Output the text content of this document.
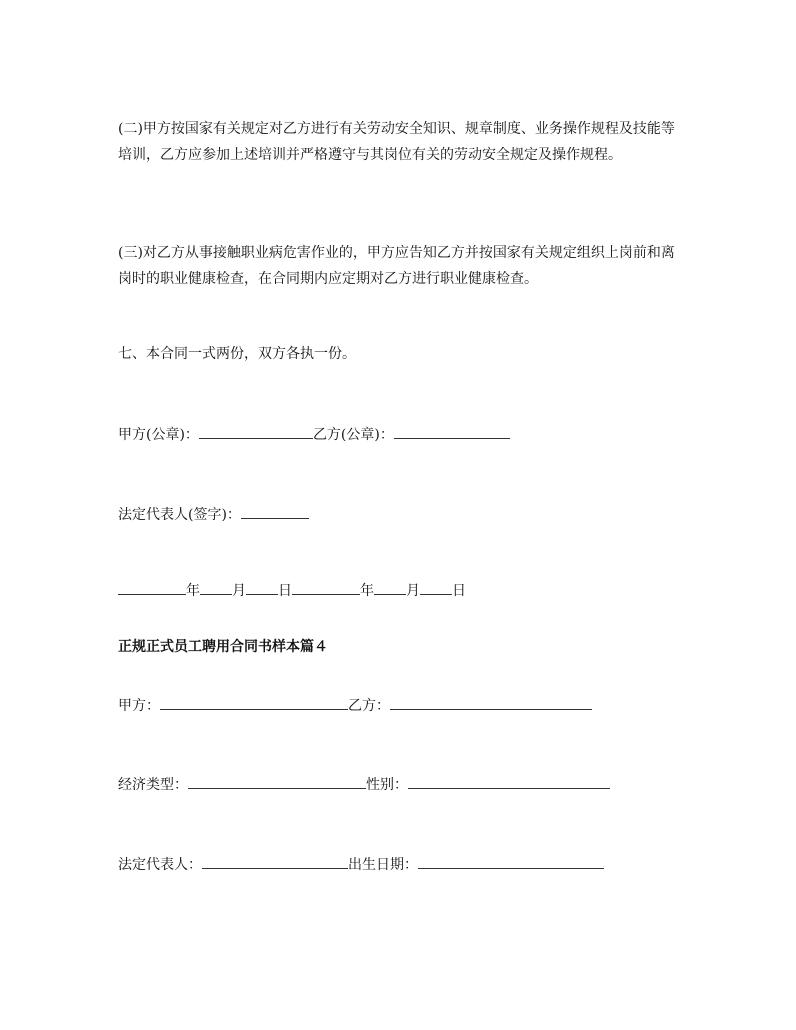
(二)甲方按国家有关规定对乙方进行有关劳动安全知识、规章制度、业务操作规程及技能等培训，乙方应参加上述培训并严格遵守与其岗位有关的劳动安全规定及操作规程。

(三)对乙方从事接触职业病危害作业的，甲方应告知乙方并按国家有关规定组织上岗前和离岗时的职业健康检查，在合同期内应定期对乙方进行职业健康检查。

七、本合同一式两份，双方各执一份。

甲方(公章)：	乙方(公章)：

法定代表人(签字)：

年 月 日	年 月 日

正规正式员工聘用合同书样本篇４

甲方：	乙方：

经济类型：	性别：

法定代表人：	出生日期：
